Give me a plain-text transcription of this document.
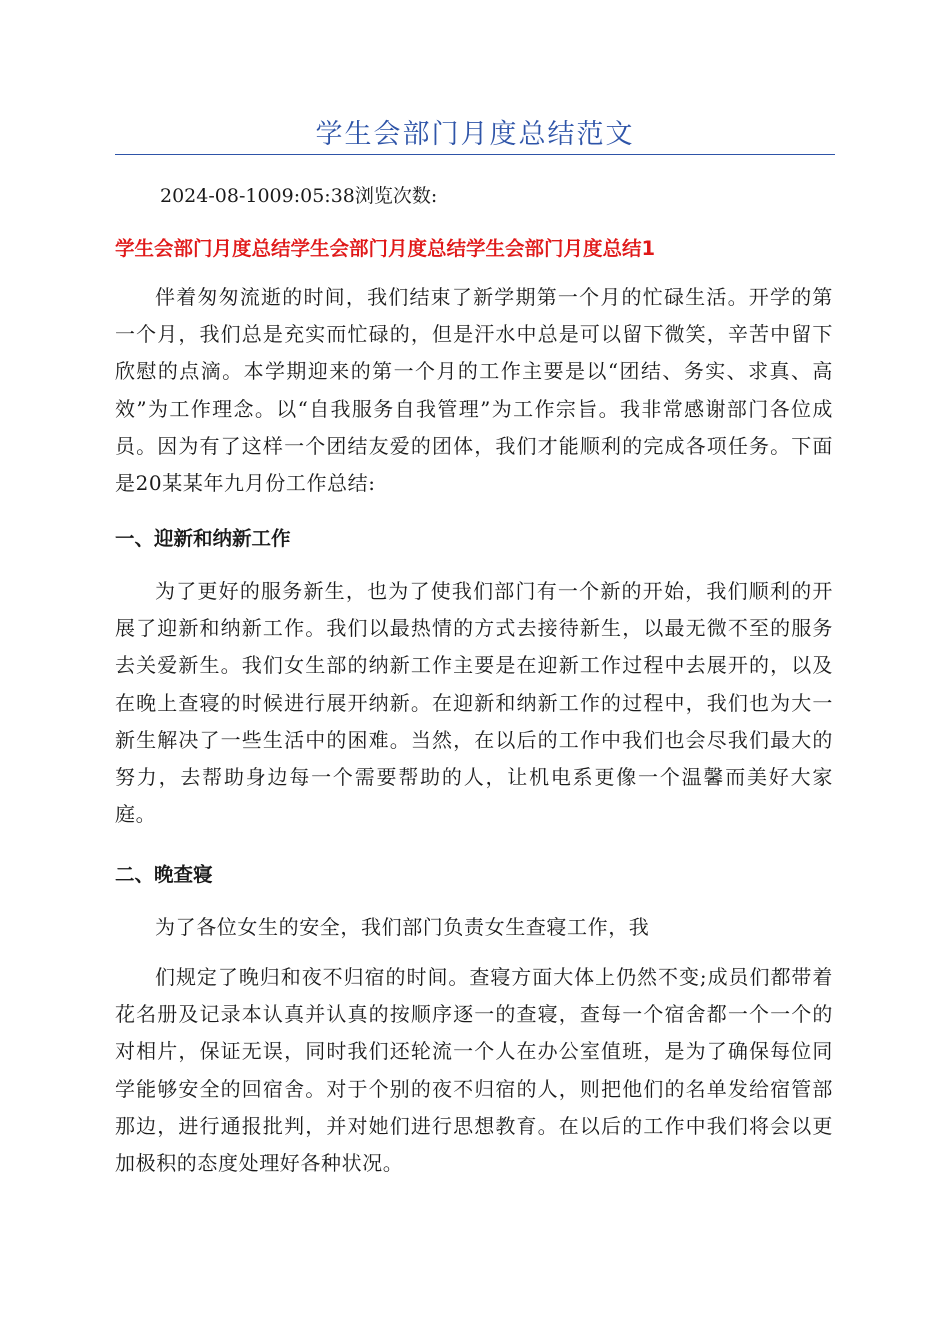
学生会部门月度总结范文
2024-08-1009:05:38浏览次数:
学生会部门月度总结学生会部门月度总结学生会部门月度总结1
伴着匆匆流逝的时间，我们结束了新学期第一个月的忙碌生活。开学的第一个月，我们总是充实而忙碌的，但是汗水中总是可以留下微笑，辛苦中留下欣慰的点滴。本学期迎来的第一个月的工作主要是以“团结、务实、求真、高效”为工作理念。以“自我服务自我管理”为工作宗旨。我非常感谢部门各位成员。因为有了这样一个团结友爱的团体，我们才能顺利的完成各项任务。下面是20某某年九月份工作总结:
一、迎新和纳新工作
为了更好的服务新生，也为了使我们部门有一个新的开始，我们顺利的开展了迎新和纳新工作。我们以最热情的方式去接待新生，以最无微不至的服务去关爱新生。我们女生部的纳新工作主要是在迎新工作过程中去展开的，以及在晚上查寝的时候进行展开纳新。在迎新和纳新工作的过程中，我们也为大一新生解决了一些生活中的困难。当然，在以后的工作中我们也会尽我们最大的努力，去帮助身边每一个需要帮助的人，让机电系更像一个温馨而美好大家庭。
二、晚查寝
为了各位女生的安全，我们部门负责女生查寝工作，我
们规定了晚归和夜不归宿的时间。查寝方面大体上仍然不变;成员们都带着花名册及记录本认真并认真的按顺序逐一的查寝，查每一个宿舍都一个一个的对相片，保证无误，同时我们还轮流一个人在办公室值班，是为了确保每位同学能够安全的回宿舍。对于个别的夜不归宿的人，则把他们的名单发给宿管部那边，进行通报批判，并对她们进行思想教育。在以后的工作中我们将会以更加极积的态度处理好各种状况。
